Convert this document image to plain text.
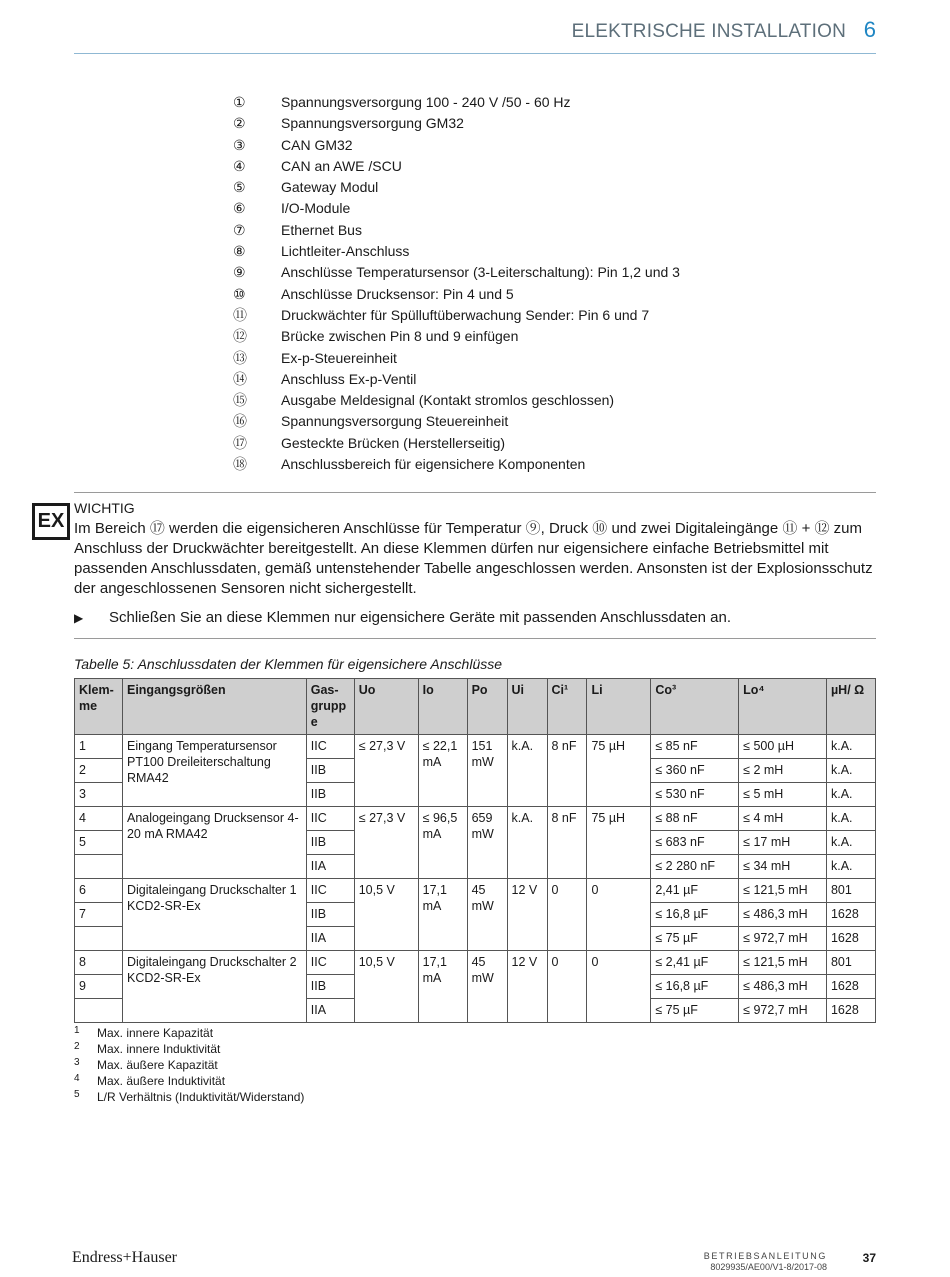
ELEKTRISCHE INSTALLATION 6
①	Spannungsversorgung 100 - 240 V /50 - 60 Hz
②	Spannungsversorgung GM32
③	CAN GM32
④	CAN an AWE /SCU
⑤	Gateway Modul
⑥	I/O-Module
⑦	Ethernet Bus
⑧	Lichtleiter-Anschluss
⑨	Anschlüsse Temperatursensor (3-Leiterschaltung): Pin 1,2 und 3
⑩	Anschlüsse Drucksensor: Pin 4 und 5
⑪ Druckwächter für Spülluftüberwachung Sender: Pin 6 und 7
⑫ Brücke zwischen Pin 8 und 9 einfügen
⑬ Ex-p-Steuereinheit
⑭ Anschluss Ex-p-Ventil
⑮ Ausgabe Meldesignal (Kontakt stromlos geschlossen)
⑯ Spannungsversorgung Steuereinheit
⑰ Gesteckte Brücken (Herstellerseitig)
⑱ Anschlussbereich für eigensichere Komponenten
EX
WICHTIG
Im Bereich ⑰ werden die eigensicheren Anschlüsse für Temperatur ⑨, Druck ⑩ und zwei Digitaleingänge ⑪ + ⑫ zum Anschluss der Druckwächter bereitgestellt. An diese Klemmen dürfen nur eigensichere einfache Betriebsmittel mit passenden Anschlussdaten, gemäß untenstehender Tabelle angeschlossen werden. Ansonsten ist der Explosionsschutz der angeschlossenen Sensoren nicht sichergestellt.
▶ Schließen Sie an diese Klemmen nur eigensichere Geräte mit passenden Anschlussdaten an.
Tabelle 5: Anschlussdaten der Klemmen für eigensichere Anschlüsse
Klem-me	Eingangsgrößen	Gas-grupp e	Uo	Io	Po	Ui	Ci¹	Li	Co³	Lo⁴	µH/ Ω
1	Eingang Temperatursensor PT100 Dreileiterschaltung RMA42	IIC	≤ 27,3 V	≤ 22,1 mA	151 mW	k.A.	8 nF	75 µH	≤ 85 nF	≤ 500 µH	k.A.
2		IIB							≤ 360 nF	≤ 2 mH	k.A.
3		IIB							≤ 530 nF	≤ 5 mH	k.A.
4	Analogeingang Drucksensor 4-20 mA RMA42	IIC	≤ 27,3 V	≤ 96,5 mA	659 mW	k.A.	8 nF	75 µH	≤ 88 nF	≤ 4 mH	k.A.
5		IIB							≤ 683 nF	≤ 17 mH	k.A.
		IIA							≤ 2 280 nF	≤ 34 mH	k.A.
6	Digitaleingang Druckschalter 1 KCD2-SR-Ex	IIC	10,5 V	17,1 mA	45 mW	12 V	0	0	2,41 µF	≤ 121,5 mH	801
7		IIB							≤ 16,8 µF	≤ 486,3 mH	1628
		IIA							≤ 75 µF	≤ 972,7 mH	1628
8	Digitaleingang Druckschalter 2 KCD2-SR-Ex	IIC	10,5 V	17,1 mA	45 mW	12 V	0	0	≤ 2,41 µF	≤ 121,5 mH	801
9		IIB							≤ 16,8 µF	≤ 486,3 mH	1628
		IIA							≤ 75 µF	≤ 972,7 mH	1628
1 Max. innere Kapazität
2 Max. innere Induktivität
3 Max. äußere Kapazität
4 Max. äußere Induktivität
5 L/R Verhältnis (Induktivität/Widerstand)
Endress+Hauser	BETRIEBSANLEITUNG
8029935/AE00/V1-8/2017-08
37
